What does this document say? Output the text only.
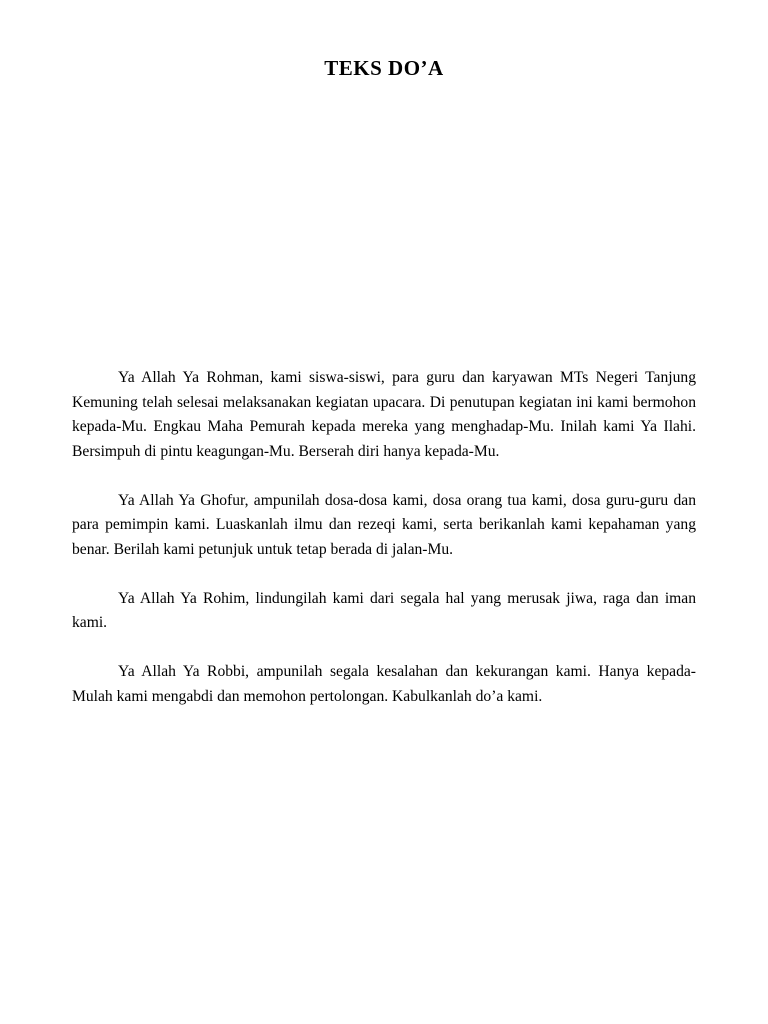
TEKS DO’A

Ya Allah Ya Rohman, kami siswa-siswi, para guru dan karyawan MTs Negeri Tanjung Kemuning telah selesai melaksanakan kegiatan upacara. Di penutupan kegiatan ini kami bermohon kepada-Mu. Engkau Maha Pemurah kepada mereka yang menghadap-Mu. Inilah kami Ya Ilahi. Bersimpuh di pintu keagungan-Mu. Berserah diri hanya kepada-Mu.

Ya Allah Ya Ghofur, ampunilah dosa-dosa kami, dosa orang tua kami, dosa guru-guru dan para pemimpin kami. Luaskanlah ilmu dan rezeqi kami, serta berikanlah kami kepahaman yang benar. Berilah kami petunjuk untuk tetap berada di jalan-Mu.

Ya Allah Ya Rohim, lindungilah kami dari segala hal yang merusak jiwa, raga dan iman kami.

Ya Allah Ya Robbi, ampunilah segala kesalahan dan kekurangan kami. Hanya kepada-Mulah kami mengabdi dan memohon pertolongan. Kabulkanlah do’a kami.
